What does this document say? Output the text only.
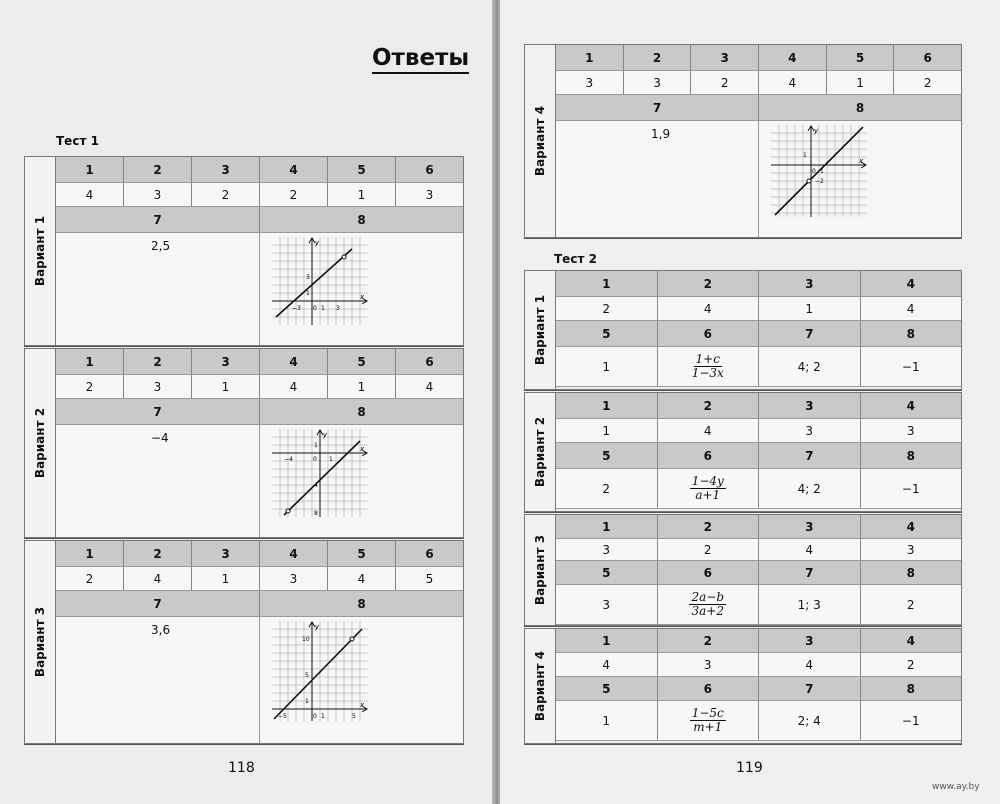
Ответы
Тест 1
Вариант 1
1	2	3	4	5	6
4	3	2	2	1	3
7	8
2,5	y
x
−3 0 1 3
3
1
Вариант 2
1	2	3	4	5	6
2	3	1	4	1	4
7	8
−4	y
x
−4	0 1
1
4
8
Вариант 3
1	2	3	4	5	6
2	4	1	3	4	5
7	8
3,6	y
x
−5	0 1	5
10
5
1
118
Вариант 4
1	2	3	4	5	6
3	3	2	4	1	2
7	8
1,9	y
x
0 1
1
−2
Тест 2
Вариант 1
1	2	3	4
2	4	1	4
5	6	7	8
1	$\frac{1+c}{1-3x}$	4; 2	−1
Вариант 2
1	2	3	4
1	4	3	3
5	6	7	8
2	$\frac{1-4y}{a+1}$	4; 2	−1
Вариант 3
1	2	3	4
3	2	4	3
5	6	7	8
3	$\frac{2a-b}{3a+2}$	1; 3	2
Вариант 4
1	2	3	4
4	3	4	2
5	6	7	8
1	$\frac{1-5c}{m+1}$	2; 4	−1
119
www.ay.by
